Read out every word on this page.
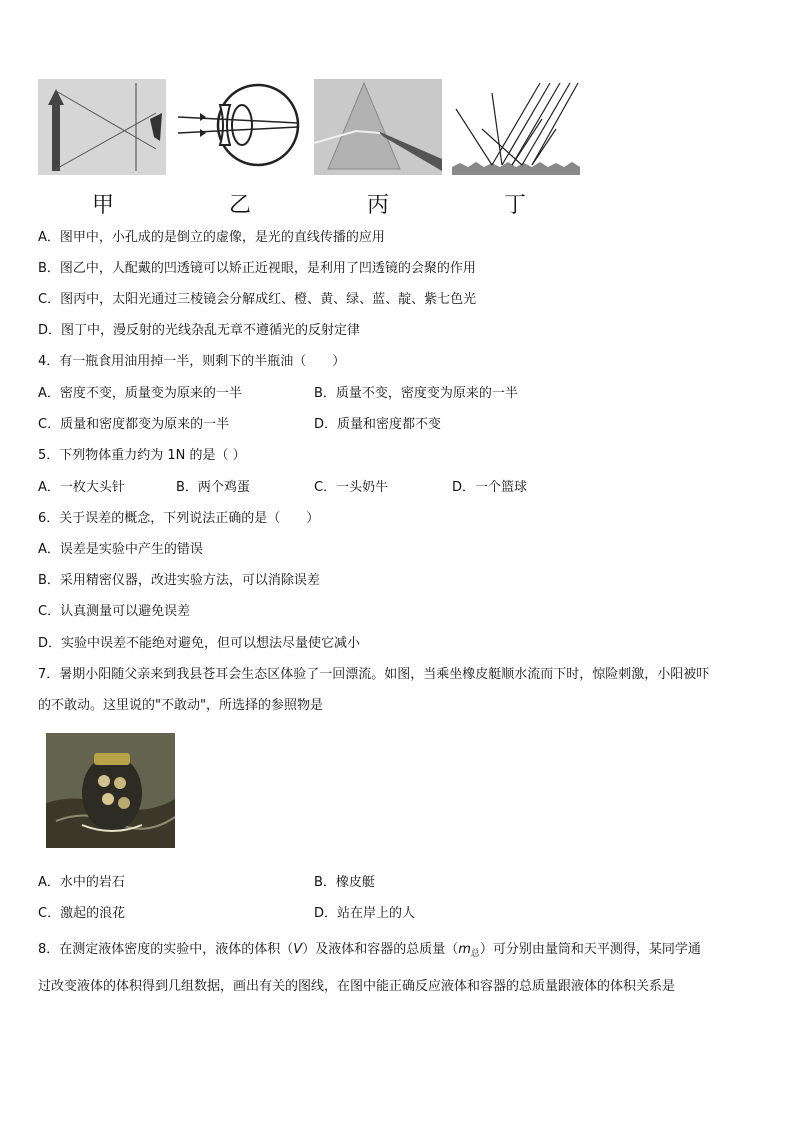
甲	乙	丙	丁
A．图甲中，小孔成的是倒立的虚像，是光的直线传播的应用
B．图乙中，人配戴的凹透镜可以矫正近视眼，是利用了凹透镜的会聚的作用
C．图丙中，太阳光通过三棱镜会分解成红、橙、黄、绿、蓝、靛、紫七色光
D．图丁中，漫反射的光线杂乱无章不遵循光的反射定律
4．有一瓶食用油用掉一半，则剩下的半瓶油（　　）
A．密度不变，质量变为原来的一半	B．质量不变，密度变为原来的一半
C．质量和密度都变为原来的一半	D．质量和密度都不变
5．下列物体重力约为 1N 的是（ ）
A．一枚大头针	B．两个鸡蛋	C．一头奶牛	D．一个篮球
6．关于误差的概念，下列说法正确的是（　　）
A．误差是实验中产生的错误
B．采用精密仪器，改进实验方法，可以消除误差
C．认真测量可以避免误差
D．实验中误差不能绝对避免，但可以想法尽量使它减小
7．暑期小阳随父亲来到我县苍耳会生态区体验了一回漂流。如图，当乘坐橡皮艇顺水流而下时，惊险刺激，小阳被吓
的不敢动。这里说的"不敢动"，所选择的参照物是
A．水中的岩石	B．橡皮艇
C．激起的浪花	D．站在岸上的人
8．在测定液体密度的实验中，液体的体积（V）及液体和容器的总质量$(m_总)$可分别由量筒和天平测得，某同学通
过改变液体的体积得到几组数据，画出有关的图线，在图中能正确反应液体和容器的总质量跟液体的体积关系是
